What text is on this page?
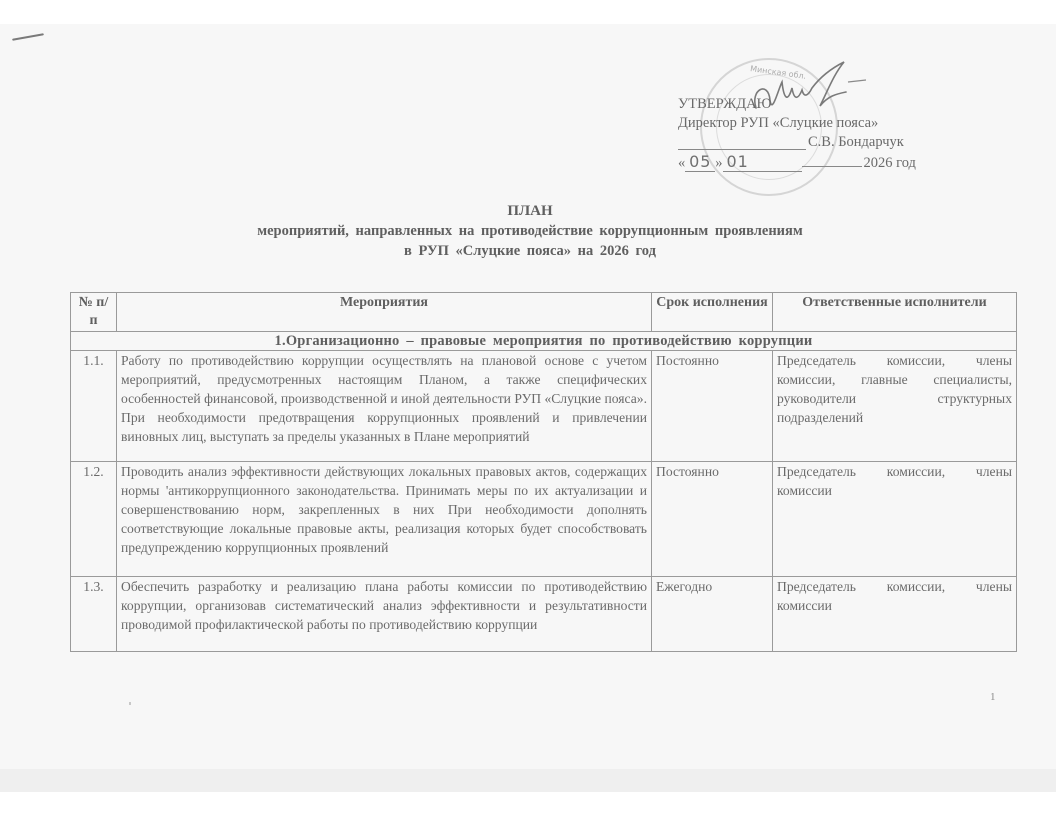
Минская обл.
УТВЕРЖДАЮ
Директор РУП «Слуцкие пояса»
С.В. Бондарчук
« 05 » 01	2026 год
ПЛАН
мероприятий, направленных на противодействие коррупционным проявлениям
в РУП «Слуцкие пояса» на 2026 год
№ п/п	Мероприятия	Срок исполнения	Ответственные исполнители
1.Организационно – правовые мероприятия по противодействию коррупции			
1.1.	Работу по противодействию коррупции осуществлять на плановой основе с учетом мероприятий, предусмотренных настоящим Планом, а также специфических особенностей финансовой, производственной и иной деятельности РУП «Слуцкие пояса». При необходимости предотвращения коррупционных проявлений и привлечении виновных лиц, выступать за пределы указанных в Плане мероприятий	Постоянно	Председатель комиссии, члены комиссии, главные специалисты, руководители структурных подразделений
1.2.	Проводить анализ эффективности действующих локальных правовых актов, содержащих нормы 'антикоррупционного законодательства. Принимать меры по их актуализации и совершенствованию норм, закрепленных в них При необходимости дополнять соответствующие локальные правовые акты, реализация которых будет способствовать предупреждению коррупционных проявлений	Постоянно	Председатель комиссии, члены комиссии
1.3.	Обеспечить разработку и реализацию плана работы комиссии по противодействию коррупции, организовав систематический анализ эффективности и результативности проводимой профилактической работы по противодействию коррупции	Ежегодно	Председатель комиссии, члены комиссии
1
